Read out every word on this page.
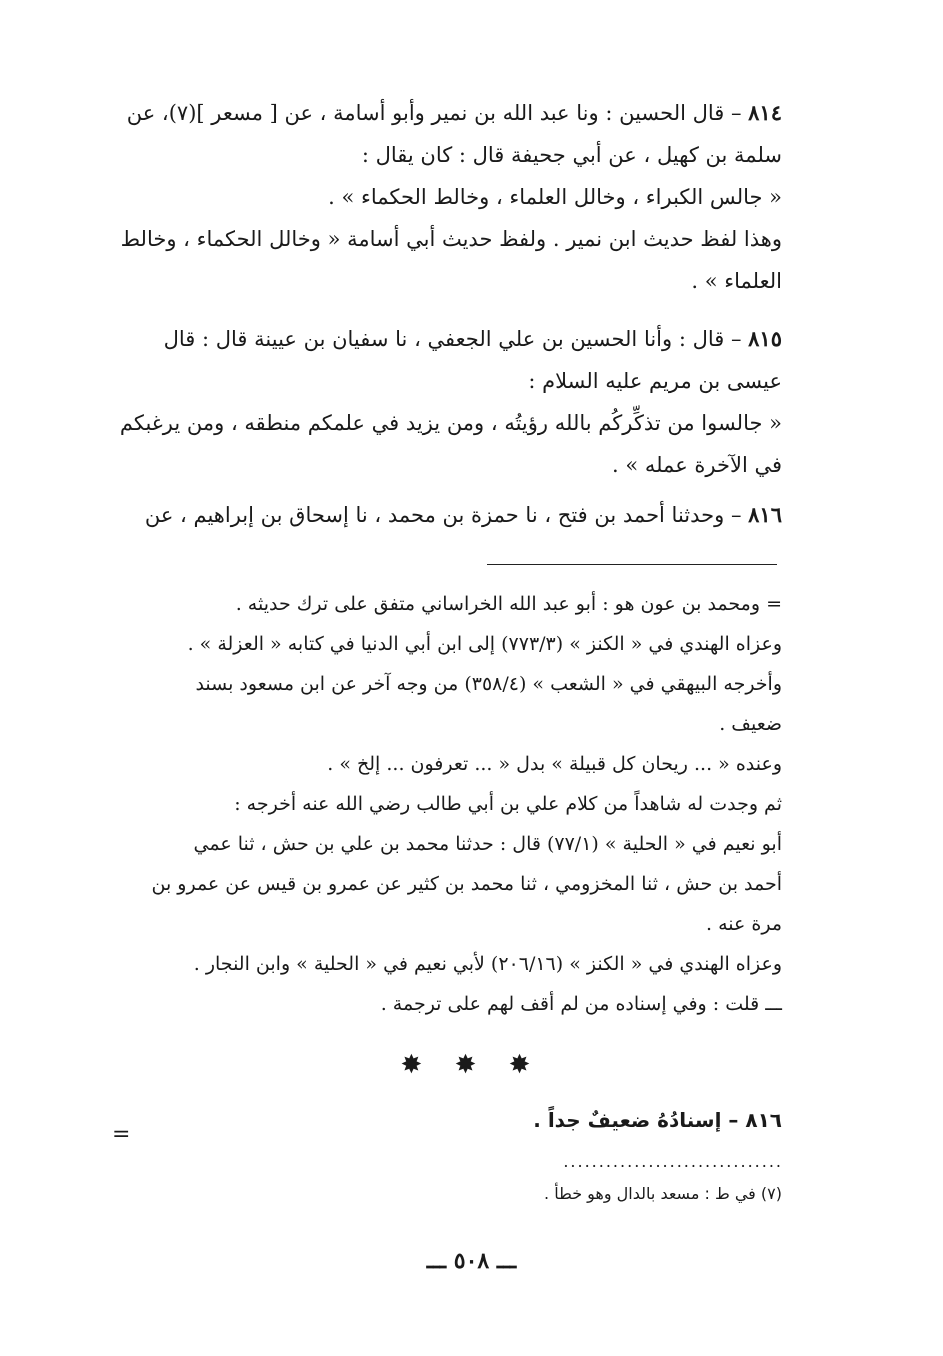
٨١٤ – قال الحسين : ونا عبد الله بن نمير وأبو أسامة ، عن [ مسعر ](٧)، عن
سلمة بن كهيل ، عن أبي جحيفة قال : كان يقال :
« جالس الكبراء ، وخالل العلماء ، وخالط الحكماء » .
وهذا لفظ حديث ابن نمير . ولفظ حديث أبي أسامة « وخالل الحكماء ، وخالط
العلماء » .
٨١٥ – قال : وأنا الحسين بن علي الجعفي ، نا سفيان بن عيينة قال : قال
عيسى بن مريم عليه السلام :
« جالسوا من تذكِّركُم بالله رؤيتُه ، ومن يزيد في علمكم منطقه ، ومن يرغبكم
في الآخرة عمله » .
٨١٦ – وحدثنا أحمد بن فتح ، نا حمزة بن محمد ، نا إسحاق بن إبراهيم ، عن
= ومحمد بن عون هو : أبو عبد الله الخراساني متفق على ترك حديثه .
وعزاه الهندي في « الكنز » (٧٧٣/٣) إلى ابن أبي الدنيا في كتابه « العزلة » .
وأخرجه البيهقي في « الشعب » (٣٥٨/٤) من وجه آخر عن ابن مسعود بسند
ضعيف .
وعنده « ... ريحان كل قبيلة » بدل « ... تعرفون ... إلخ » .
ثم وجدت له شاهداً من كلام علي بن أبي طالب رضي الله عنه أخرجه :
أبو نعيم في « الحلية » (٧٧/١) قال : حدثنا محمد بن علي بن حش ، ثنا عمي
أحمد بن حش ، ثنا المخزومي ، ثنا محمد بن كثير عن عمرو بن قيس عن عمرو بن
مرة عنه .
وعزاه الهندي في « الكنز » (٢٠٦/١٦) لأبي نعيم في « الحلية » وابن النجار .
ـــ قلت : وفي إسناده من لم أقف لهم على ترجمة .
✸ ✸ ✸
٨١٦ – إسنادُهُ ضعيفٌ جداً .
=
...............................
(٧) في ط : مسعد بالدال وهو خطأ .
ـــ ٥٠٨ ـــ
